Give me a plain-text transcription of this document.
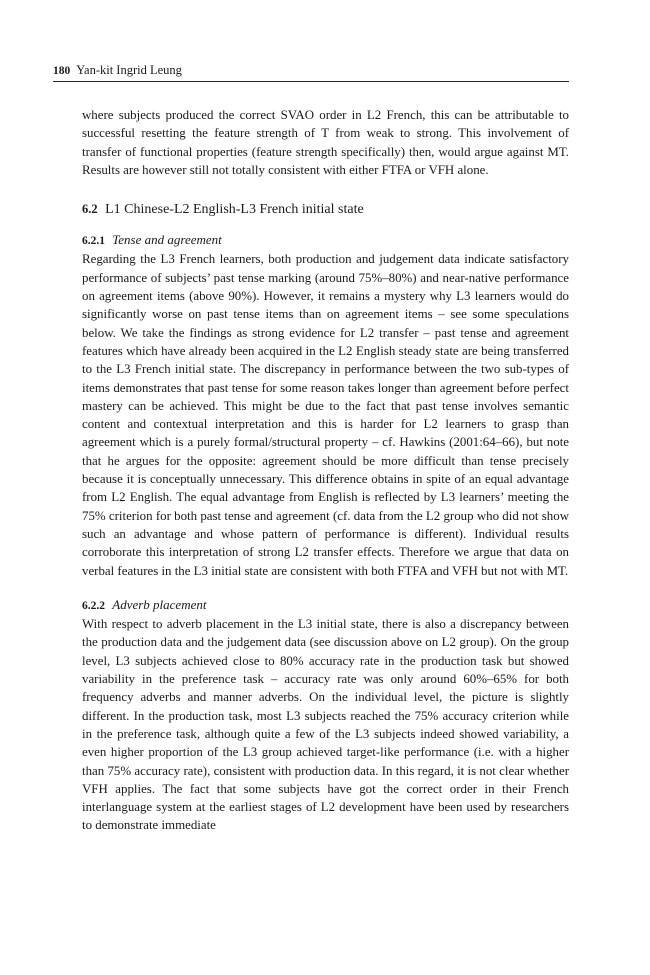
180 Yan-kit Ingrid Leung

where subjects produced the correct SVAO order in L2 French, this can be attributable to successful resetting the feature strength of T from weak to strong. This involvement of transfer of functional properties (feature strength specifically) then, would argue against MT. Results are however still not totally consistent with either FTFA or VFH alone.

6.2 L1 Chinese-L2 English-L3 French initial state
6.2.1 Tense and agreement

Regarding the L3 French learners, both production and judgement data indicate satisfactory performance of subjects’ past tense marking (around 75%–80%) and near-native performance on agreement items (above 90%). However, it remains a mystery why L3 learners would do significantly worse on past tense items than on agreement items – see some speculations below. We take the findings as strong evidence for L2 transfer – past tense and agreement features which have already been acquired in the L2 English steady state are being transferred to the L3 French initial state. The discrepancy in performance between the two sub-types of items demonstrates that past tense for some reason takes longer than agreement before perfect mastery can be achieved. This might be due to the fact that past tense involves semantic content and contextual interpretation and this is harder for L2 learners to grasp than agreement which is a purely formal/structural property – cf. Hawkins (2001:64–66), but note that he argues for the opposite: agreement should be more difficult than tense precisely because it is conceptually unnecessary. This difference obtains in spite of an equal advantage from L2 English. The equal advantage from English is reflected by L3 learners’ meeting the 75% criterion for both past tense and agreement (cf. data from the L2 group who did not show such an advantage and whose pattern of performance is different). Individual results corroborate this interpretation of strong L2 transfer effects. Therefore we argue that data on verbal features in the L3 initial state are consistent with both FTFA and VFH but not with MT.

6.2.2 Adverb placement

With respect to adverb placement in the L3 initial state, there is also a discrepancy between the production data and the judgement data (see discussion above on L2 group). On the group level, L3 subjects achieved close to 80% accuracy rate in the production task but showed variability in the preference task – accuracy rate was only around 60%–65% for both frequency adverbs and manner adverbs. On the individual level, the picture is slightly different. In the production task, most L3 subjects reached the 75% accuracy criterion while in the preference task, although quite a few of the L3 subjects indeed showed variability, a even higher proportion of the L3 group achieved target-like performance (i.e. with a higher than 75% accuracy rate), consistent with production data. In this regard, it is not clear whether VFH applies. The fact that some subjects have got the correct order in their French interlanguage system at the earliest stages of L2 development have been used by researchers to demonstrate immediate
